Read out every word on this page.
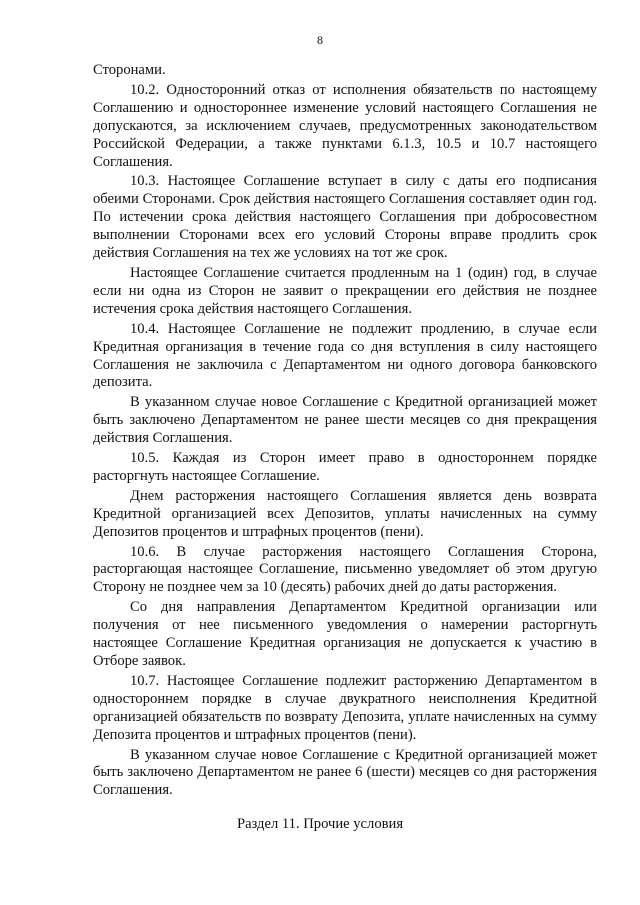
8

Сторонами.

10.2. Односторонний отказ от исполнения обязательств по настоящему Соглашению и одностороннее изменение условий настоящего Соглашения не допускаются, за исключением случаев, предусмотренных законодательством Российской Федерации, а также пунктами 6.1.3, 10.5 и 10.7 настоящего Соглашения.

10.3. Настоящее Соглашение вступает в силу с даты его подписания обеими Сторонами. Срок действия настоящего Соглашения составляет один год. По истечении срока действия настоящего Соглашения при добросовестном выполнении Сторонами всех его условий Стороны вправе продлить срок действия Соглашения на тех же условиях на тот же срок.

Настоящее Соглашение считается продленным на 1 (один) год, в случае если ни одна из Сторон не заявит о прекращении его действия не позднее истечения срока действия настоящего Соглашения.

10.4. Настоящее Соглашение не подлежит продлению, в случае если Кредитная организация в течение года со дня вступления в силу настоящего Соглашения не заключила с Департаментом ни одного договора банковского депозита.

В указанном случае новое Соглашение с Кредитной организацией может быть заключено Департаментом не ранее шести месяцев со дня прекращения действия Соглашения.

10.5. Каждая из Сторон имеет право в одностороннем порядке расторгнуть настоящее Соглашение.

Днем расторжения настоящего Соглашения является день возврата Кредитной организацией всех Депозитов, уплаты начисленных на сумму Депозитов процентов и штрафных процентов (пени).

10.6. В случае расторжения настоящего Соглашения Сторона, расторгающая настоящее Соглашение, письменно уведомляет об этом другую Сторону не позднее чем за 10 (десять) рабочих дней до даты расторжения.

Со дня направления Департаментом Кредитной организации или получения от нее письменного уведомления о намерении расторгнуть настоящее Соглашение Кредитная организация не допускается к участию в Отборе заявок.

10.7. Настоящее Соглашение подлежит расторжению Департаментом в одностороннем порядке в случае двукратного неисполнения Кредитной организацией обязательств по возврату Депозита, уплате начисленных на сумму Депозита процентов и штрафных процентов (пени).

В указанном случае новое Соглашение с Кредитной организацией может быть заключено Департаментом не ранее 6 (шести) месяцев со дня расторжения Соглашения.

Раздел 11. Прочие условия
